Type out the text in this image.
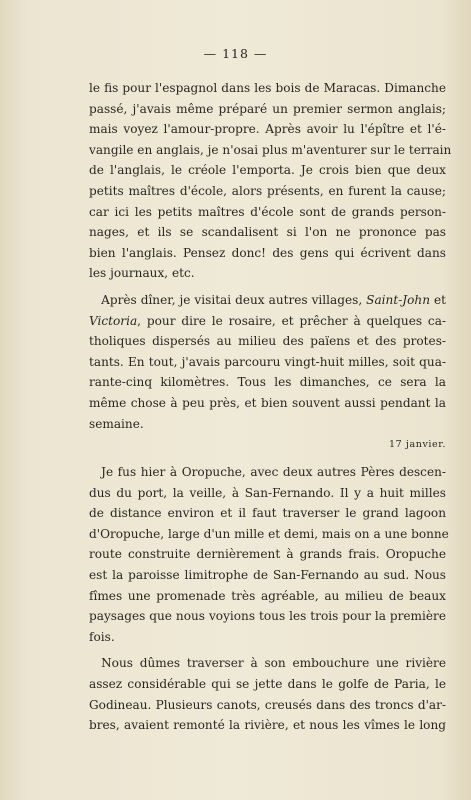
— 118 —
le fis pour l'espagnol dans les bois de Maracas. Dimanche
passé, j'avais même préparé un premier sermon anglais;
mais voyez l'amour-propre. Après avoir lu l'épître et l'é-
vangile en anglais, je n'osai plus m'aventurer sur le terrain
de l'anglais, le créole l'emporta. Je crois bien que deux
petits maîtres d'école, alors présents, en furent la cause;
car ici les petits maîtres d'école sont de grands person-
nages, et ils se scandalisent si l'on ne prononce pas
bien l'anglais. Pensez donc! des gens qui écrivent dans
les journaux, etc.
  Après dîner, je visitai deux autres villages, Saint-John et
Victoria, pour dire le rosaire, et prêcher à quelques ca-
tholiques dispersés au milieu des païens et des protes-
tants. En tout, j'avais parcouru vingt-huit milles, soit qua-
rante-cinq kilomètres. Tous les dimanches, ce sera la
même chose à peu près, et bien souvent aussi pendant la
semaine.
17 janvier.
  Je fus hier à Oropuche, avec deux autres Pères descen-
dus du port, la veille, à San-Fernando. Il y a huit milles
de distance environ et il faut traverser le grand lagoon
d'Oropuche, large d'un mille et demi, mais on a une bonne
route construite dernièrement à grands frais. Oropuche
est la paroisse limitrophe de San-Fernando au sud. Nous
fîmes une promenade très agréable, au milieu de beaux
paysages que nous voyions tous les trois pour la première
fois.
  Nous dûmes traverser à son embouchure une rivière
assez considérable qui se jette dans le golfe de Paria, le
Godineau. Plusieurs canots, creusés dans des troncs d'ar-
bres, avaient remonté la rivière, et nous les vîmes le long
